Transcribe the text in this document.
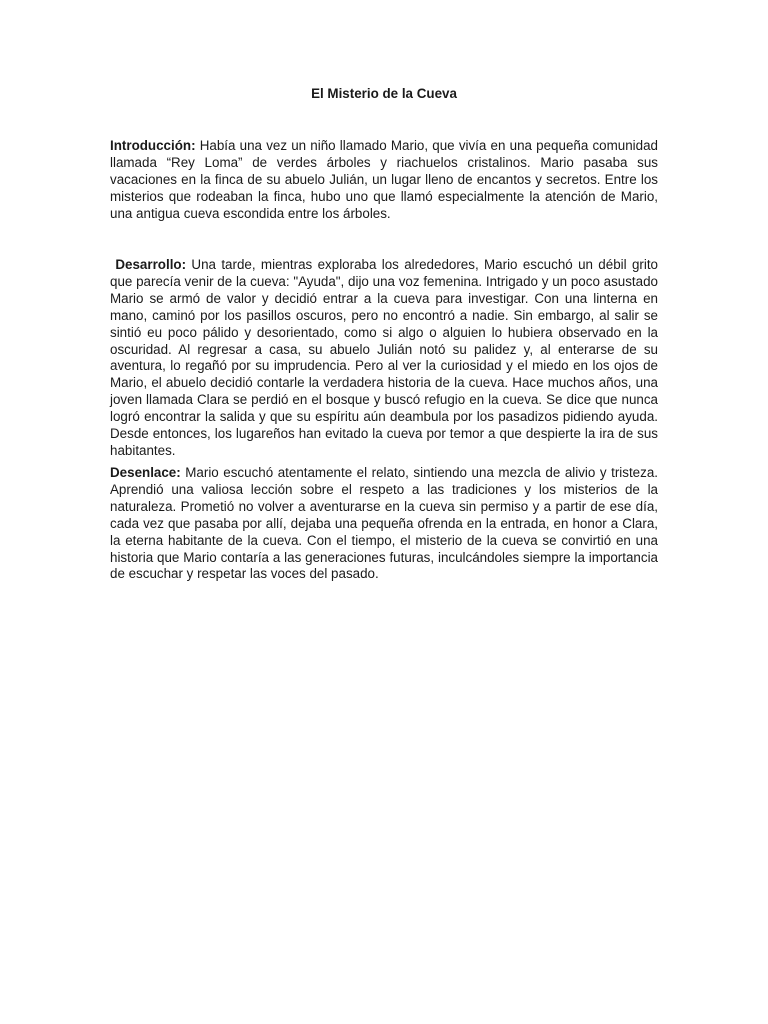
El Misterio de la Cueva

Introducción: Había una vez un niño llamado Mario, que vivía en una pequeña comunidad llamada “Rey Loma” de verdes árboles y riachuelos cristalinos. Mario pasaba sus vacaciones en la finca de su abuelo Julián, un lugar lleno de encantos y secretos. Entre los misterios que rodeaban la finca, hubo uno que llamó especialmente la atención de Mario, una antigua cueva escondida entre los árboles.

Desarrollo: Una tarde, mientras exploraba los alrededores, Mario escuchó un débil grito que parecía venir de la cueva: "Ayuda", dijo una voz femenina. Intrigado y un poco asustado Mario se armó de valor y decidió entrar a la cueva para investigar. Con una linterna en mano, caminó por los pasillos oscuros, pero no encontró a nadie. Sin embargo, al salir se sintió eu poco pálido y desorientado, como si algo o alguien lo hubiera observado en la oscuridad. Al regresar a casa, su abuelo Julián notó su palidez y, al enterarse de su aventura, lo regañó por su imprudencia. Pero al ver la curiosidad y el miedo en los ojos de Mario, el abuelo decidió contarle la verdadera historia de la cueva. Hace muchos años, una joven llamada Clara se perdió en el bosque y buscó refugio en la cueva. Se dice que nunca logró encontrar la salida y que su espíritu aún deambula por los pasadizos pidiendo ayuda. Desde entonces, los lugareños han evitado la cueva por temor a que despierte la ira de sus habitantes.

Desenlace: Mario escuchó atentamente el relato, sintiendo una mezcla de alivio y tristeza. Aprendió una valiosa lección sobre el respeto a las tradiciones y los misterios de la naturaleza. Prometió no volver a aventurarse en la cueva sin permiso y a partir de ese día, cada vez que pasaba por allí, dejaba una pequeña ofrenda en la entrada, en honor a Clara, la eterna habitante de la cueva. Con el tiempo, el misterio de la cueva se convirtió en una historia que Mario contaría a las generaciones futuras, inculcándoles siempre la importancia de escuchar y respetar las voces del pasado.
